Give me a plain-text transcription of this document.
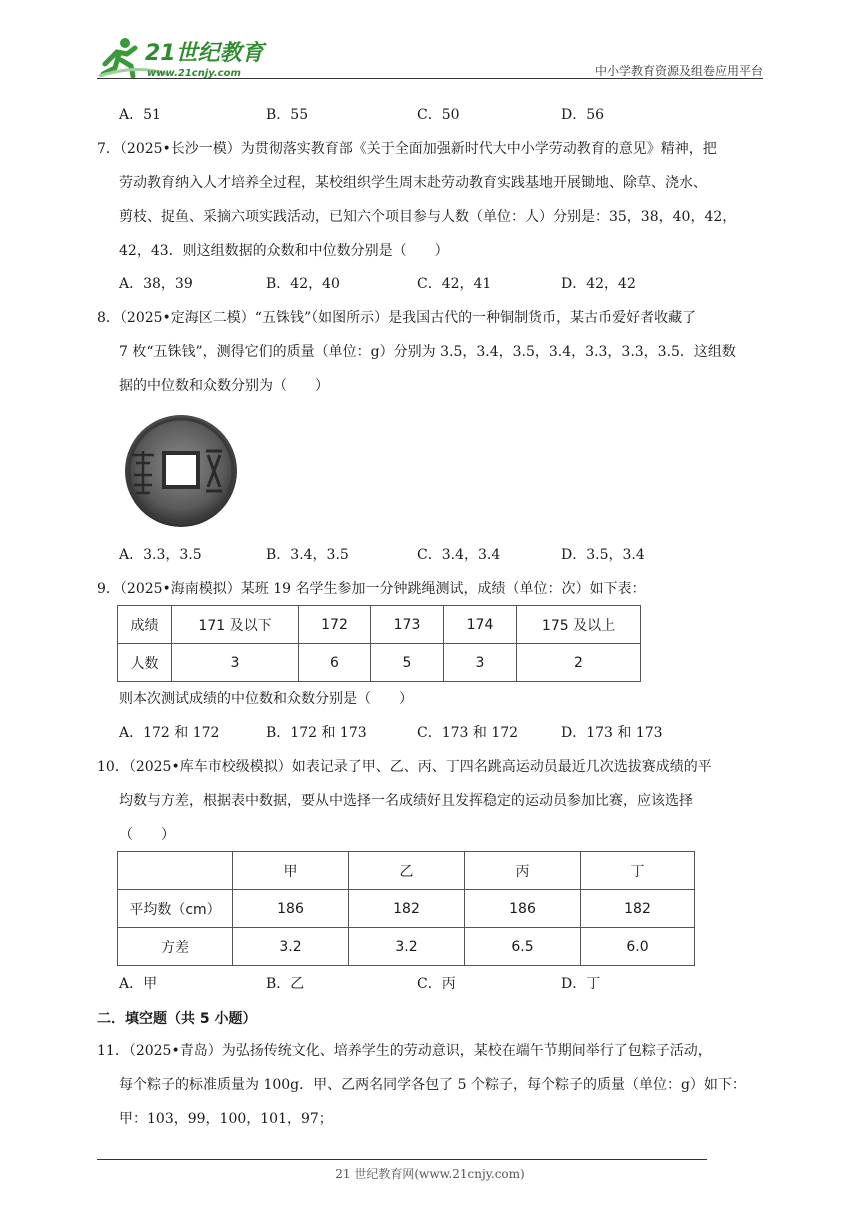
21世纪教育
www.21cnjy.com	中小学教育资源及组卷应用平台
A．51	B．55	C．50	D．56
7．（2025•长沙一模）为贯彻落实教育部《关于全面加强新时代大中小学劳动教育的意见》精神，把
劳动教育纳入人才培养全过程，某校组织学生周末赴劳动教育实践基地开展锄地、除草、浇水、
剪枝、捉鱼、采摘六项实践活动，已知六个项目参与人数（单位：人）分别是：35，38，40，42，
42，43．则这组数据的众数和中位数分别是（　　）
A．38，39	B．42，40	C．42，41	D．42，42
8．（2025•定海区二模）“五铢钱”（如图所示）是我国古代的一种铜制货币，某古币爱好者收藏了
7 枚“五铢钱”，测得它们的质量（单位：g）分别为 3.5，3.4，3.5，3.4，3.3，3.3，3.5．这组数
据的中位数和众数分别为（　　）
A．3.3，3.5	B．3.4，3.5	C．3.4，3.4	D．3.5，3.4
9．（2025•海南模拟）某班 19 名学生参加一分钟跳绳测试，成绩（单位：次）如下表：
成绩	171 及以下	172	173	174	175 及以上
人数	3	6	5	3	2
则本次测试成绩的中位数和众数分别是（　　）
A．172 和 172	B．172 和 173	C．173 和 172	D．173 和 173
10．（2025•库车市校级模拟）如表记录了甲、乙、丙、丁四名跳高运动员最近几次选拔赛成绩的平
均数与方差，根据表中数据，要从中选择一名成绩好且发挥稳定的运动员参加比赛，应该选择
（　　）
	甲	乙	丙	丁
平均数（cm）	186	182	186	182
方差	3.2	3.2	6.5	6.0
A．甲	B．乙	C．丙	D．丁
二．填空题（共 5 小题）
11．（2025•青岛）为弘扬传统文化、培养学生的劳动意识，某校在端午节期间举行了包粽子活动，
每个粽子的标准质量为 100g．甲、乙两名同学各包了 5 个粽子，每个粽子的质量（单位：g）如下：
甲：103，99，100，101，97；
21 世纪教育网(www.21cnjy.com)
